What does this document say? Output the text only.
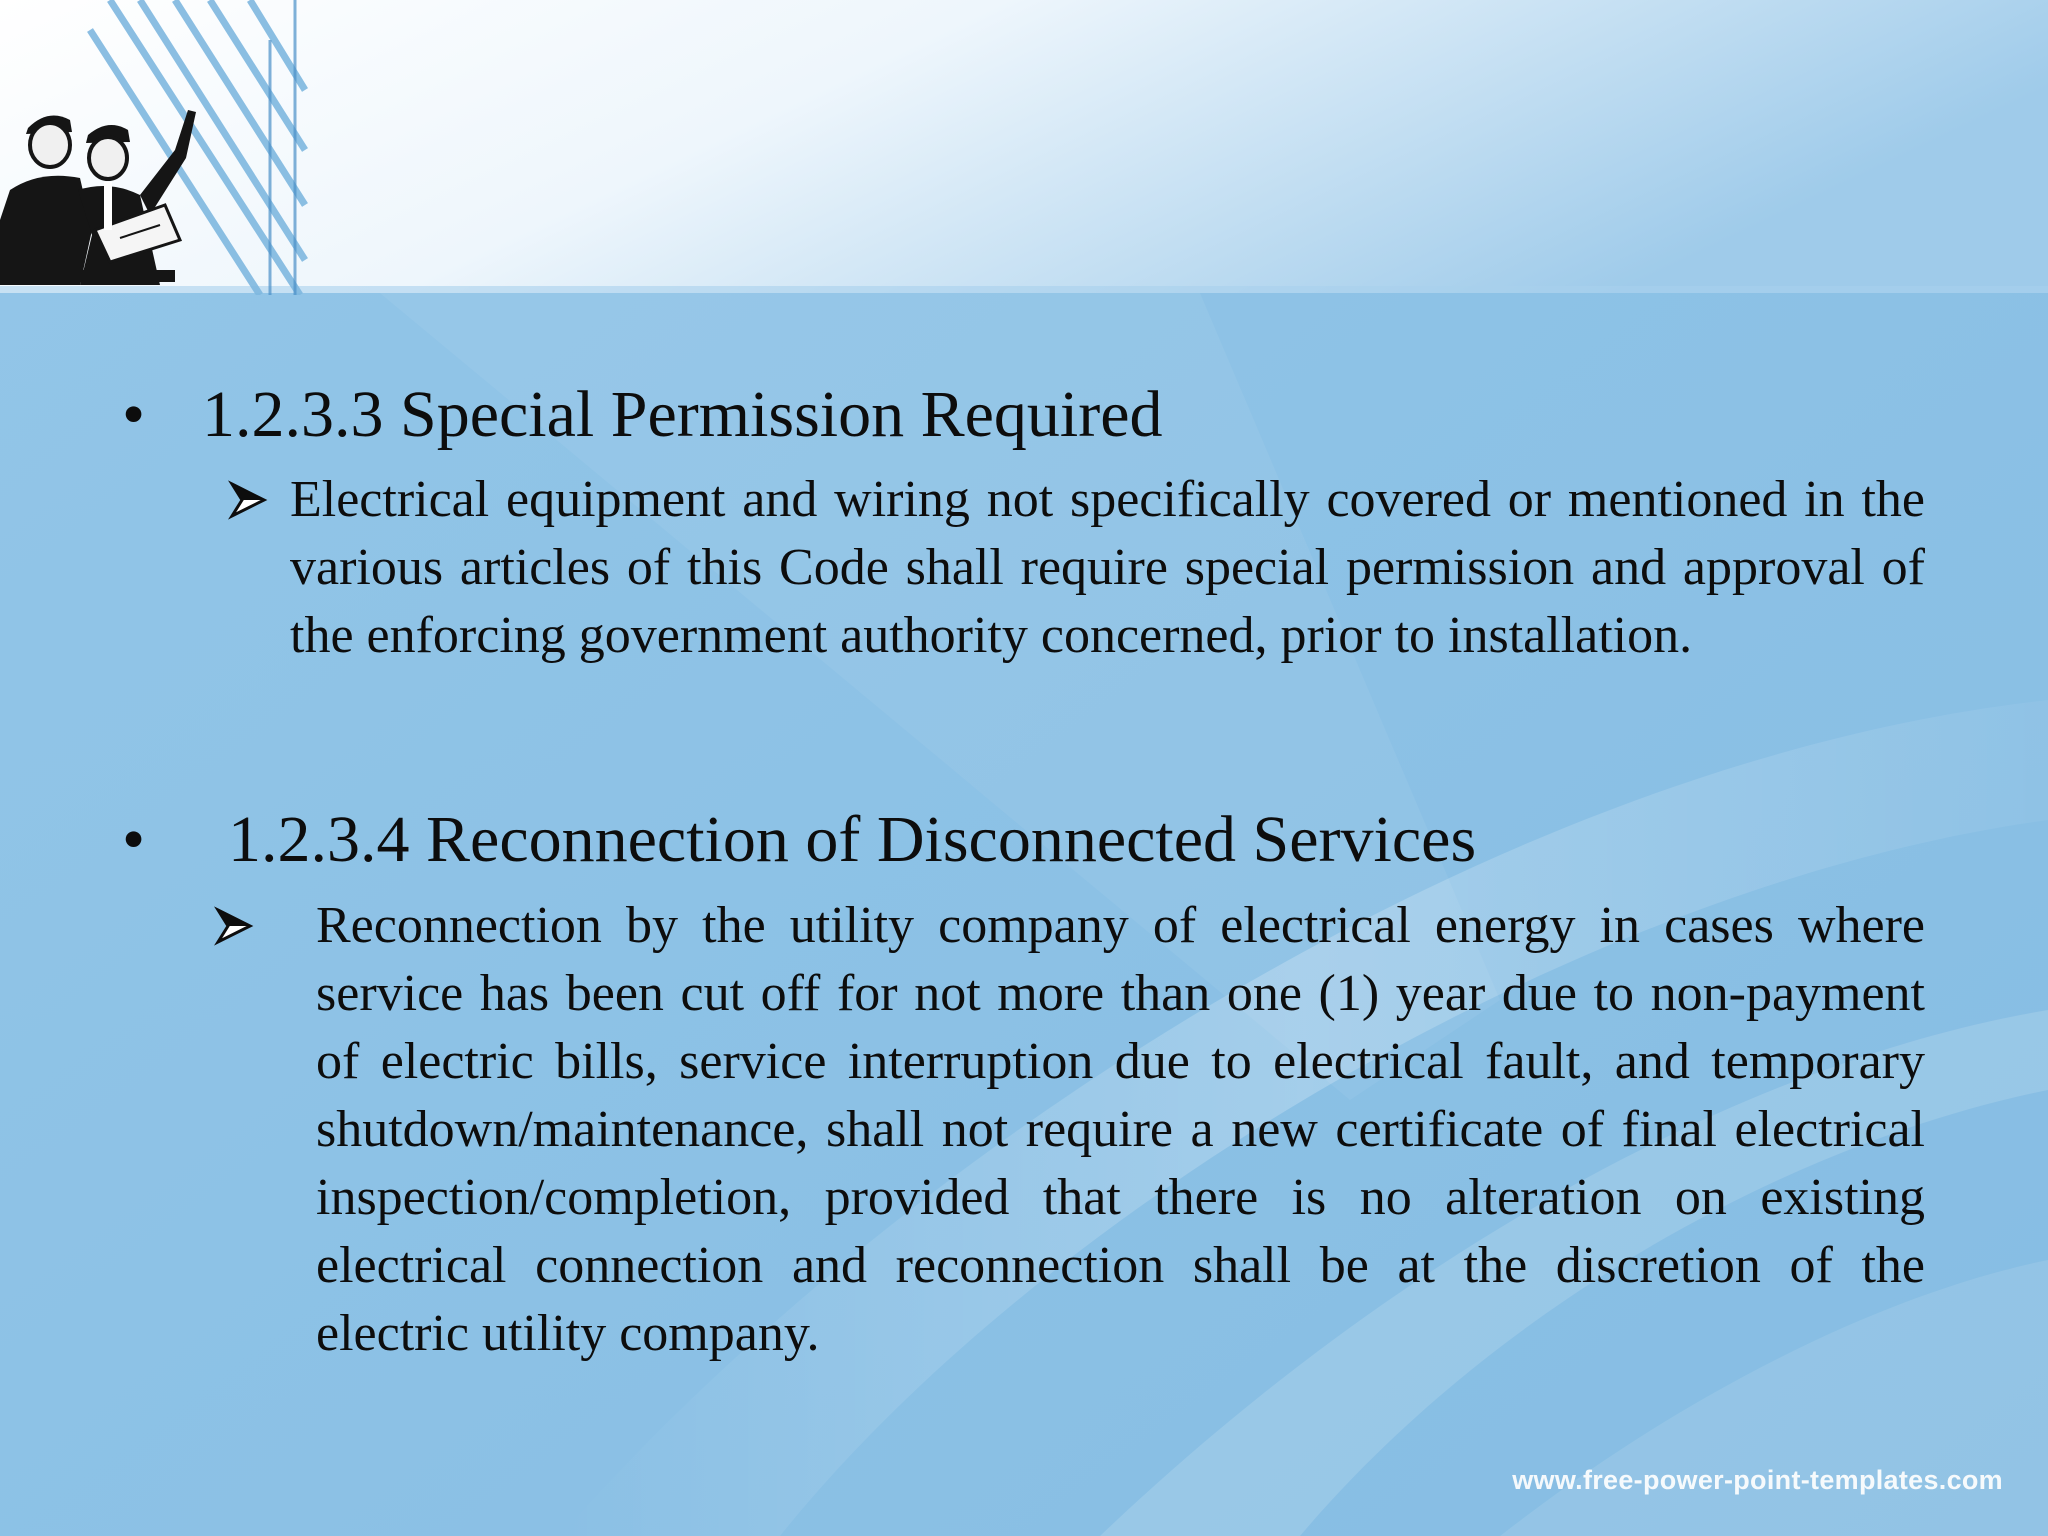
• 1.2.3.3 Special Permission Required
Electrical equipment and wiring not specifically covered or mentioned in the various articles of this Code shall require special permission and approval of the enforcing government authority concerned, prior to installation.
• 1.2.3.4 Reconnection of Disconnected Services
Reconnection by the utility company of electrical energy in cases where service has been cut off for not more than one (1) year due to non-payment of electric bills, service interruption due to electrical fault, and temporary shutdown/maintenance, shall not require a new certificate of final electrical inspection/completion, provided that there is no alteration on existing electrical connection and reconnection shall be at the discretion of the electric utility company.
www.free-power-point-templates.com
